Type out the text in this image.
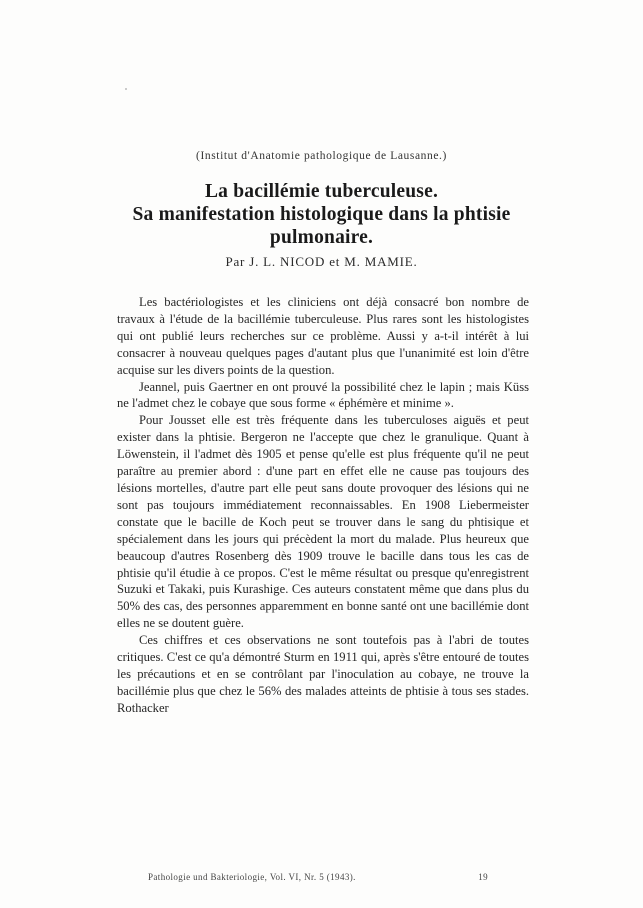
(Institut d'Anatomie pathologique de Lausanne.)
La bacillémie tuberculeuse.
Sa manifestation histologique dans la phtisie
pulmonaire.
Par J. L. NICOD et M. MAMIE.

Les bactériologistes et les cliniciens ont déjà consacré bon nombre de travaux à l'étude de la bacillémie tuberculeuse. Plus rares sont les histologistes qui ont publié leurs recherches sur ce problème. Aussi y a-t-il intérêt à lui consacrer à nouveau quelques pages d'autant plus que l'unanimité est loin d'être acquise sur les divers points de la question.

Jeannel, puis Gaertner en ont prouvé la possibilité chez le lapin ; mais Küss ne l'admet chez le cobaye que sous forme « éphémère et minime ».

Pour Jousset elle est très fréquente dans les tuberculoses aiguës et peut exister dans la phtisie. Bergeron ne l'accepte que chez le granulique. Quant à Löwenstein, il l'admet dès 1905 et pense qu'elle est plus fréquente qu'il ne peut paraître au premier abord : d'une part en effet elle ne cause pas toujours des lésions mortelles, d'autre part elle peut sans doute provoquer des lésions qui ne sont pas toujours immédiatement reconnaissables. En 1908 Liebermeister constate que le bacille de Koch peut se trouver dans le sang du phtisique et spécialement dans les jours qui précèdent la mort du malade. Plus heureux que beaucoup d'autres Rosenberg dès 1909 trouve le bacille dans tous les cas de phtisie qu'il étudie à ce propos. C'est le même résultat ou presque qu'enregistrent Suzuki et Takaki, puis Kurashige. Ces auteurs constatent même que dans plus du 50% des cas, des personnes apparemment en bonne santé ont une bacillémie dont elles ne se doutent guère.

Ces chiffres et ces observations ne sont toutefois pas à l'abri de toutes critiques. C'est ce qu'a démontré Sturm en 1911 qui, après s'être entouré de toutes les précautions et en se contrôlant par l'inoculation au cobaye, ne trouve la bacillémie plus que chez le 56% des malades atteints de phtisie à tous ses stades. Rothacker

Pathologie und Bakteriologie, Vol. VI, Nr. 5 (1943).	19
